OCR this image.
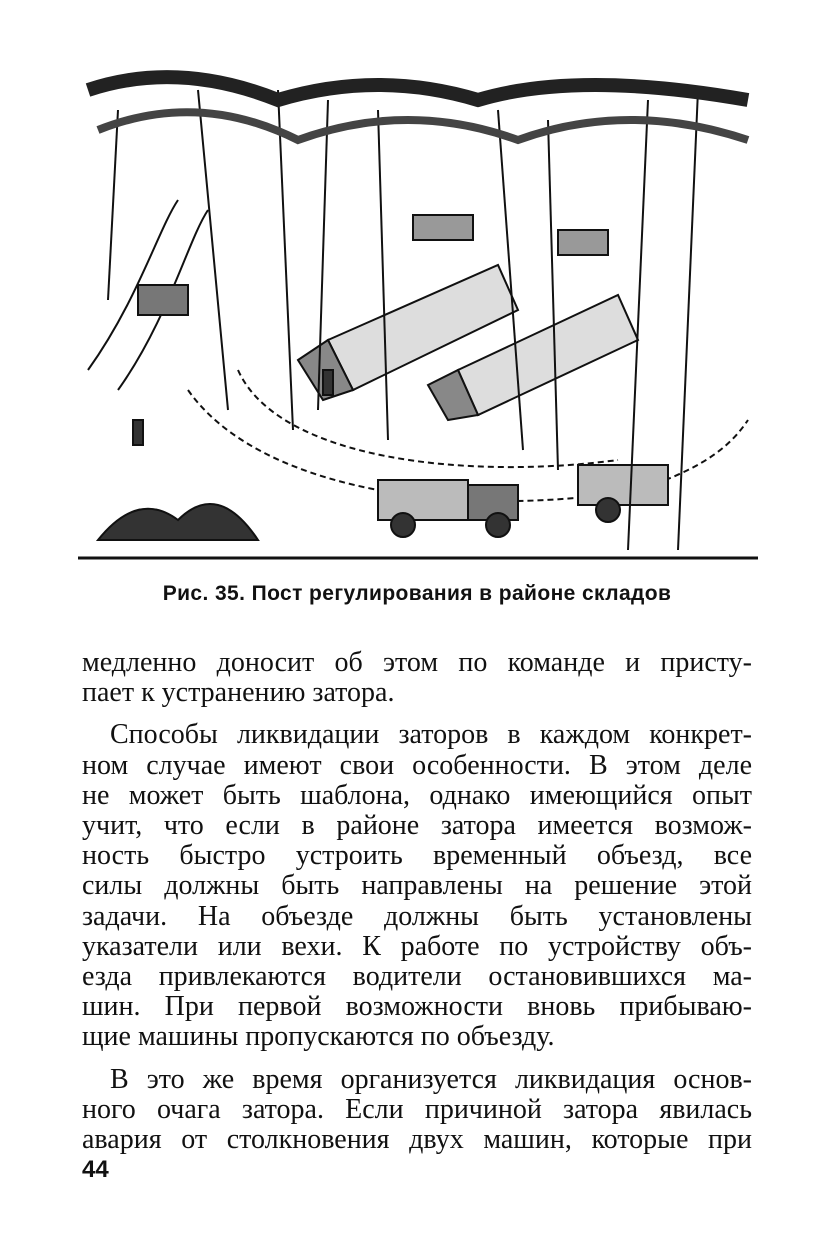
Рис. 35. Пост регулирования в районе складов

медленно доносит об этом по команде и присту-
пает к устранению затора.

Способы ликвидации заторов в каждом конкрет-
ном случае имеют свои особенности. В этом деле
не может быть шаблона, однако имеющийся опыт
учит, что если в районе затора имеется возмож-
ность быстро устроить временный объезд, все
силы должны быть направлены на решение этой
задачи. На объезде должны быть установлены
указатели или вехи. К работе по устройству объ-
езда привлекаются водители остановившихся ма-
шин. При первой возможности вновь прибываю-
щие машины пропускаются по объезду.

В это же время организуется ликвидация основ-
ного очага затора. Если причиной затора явилась
авария от столкновения двух машин, которые при

44
